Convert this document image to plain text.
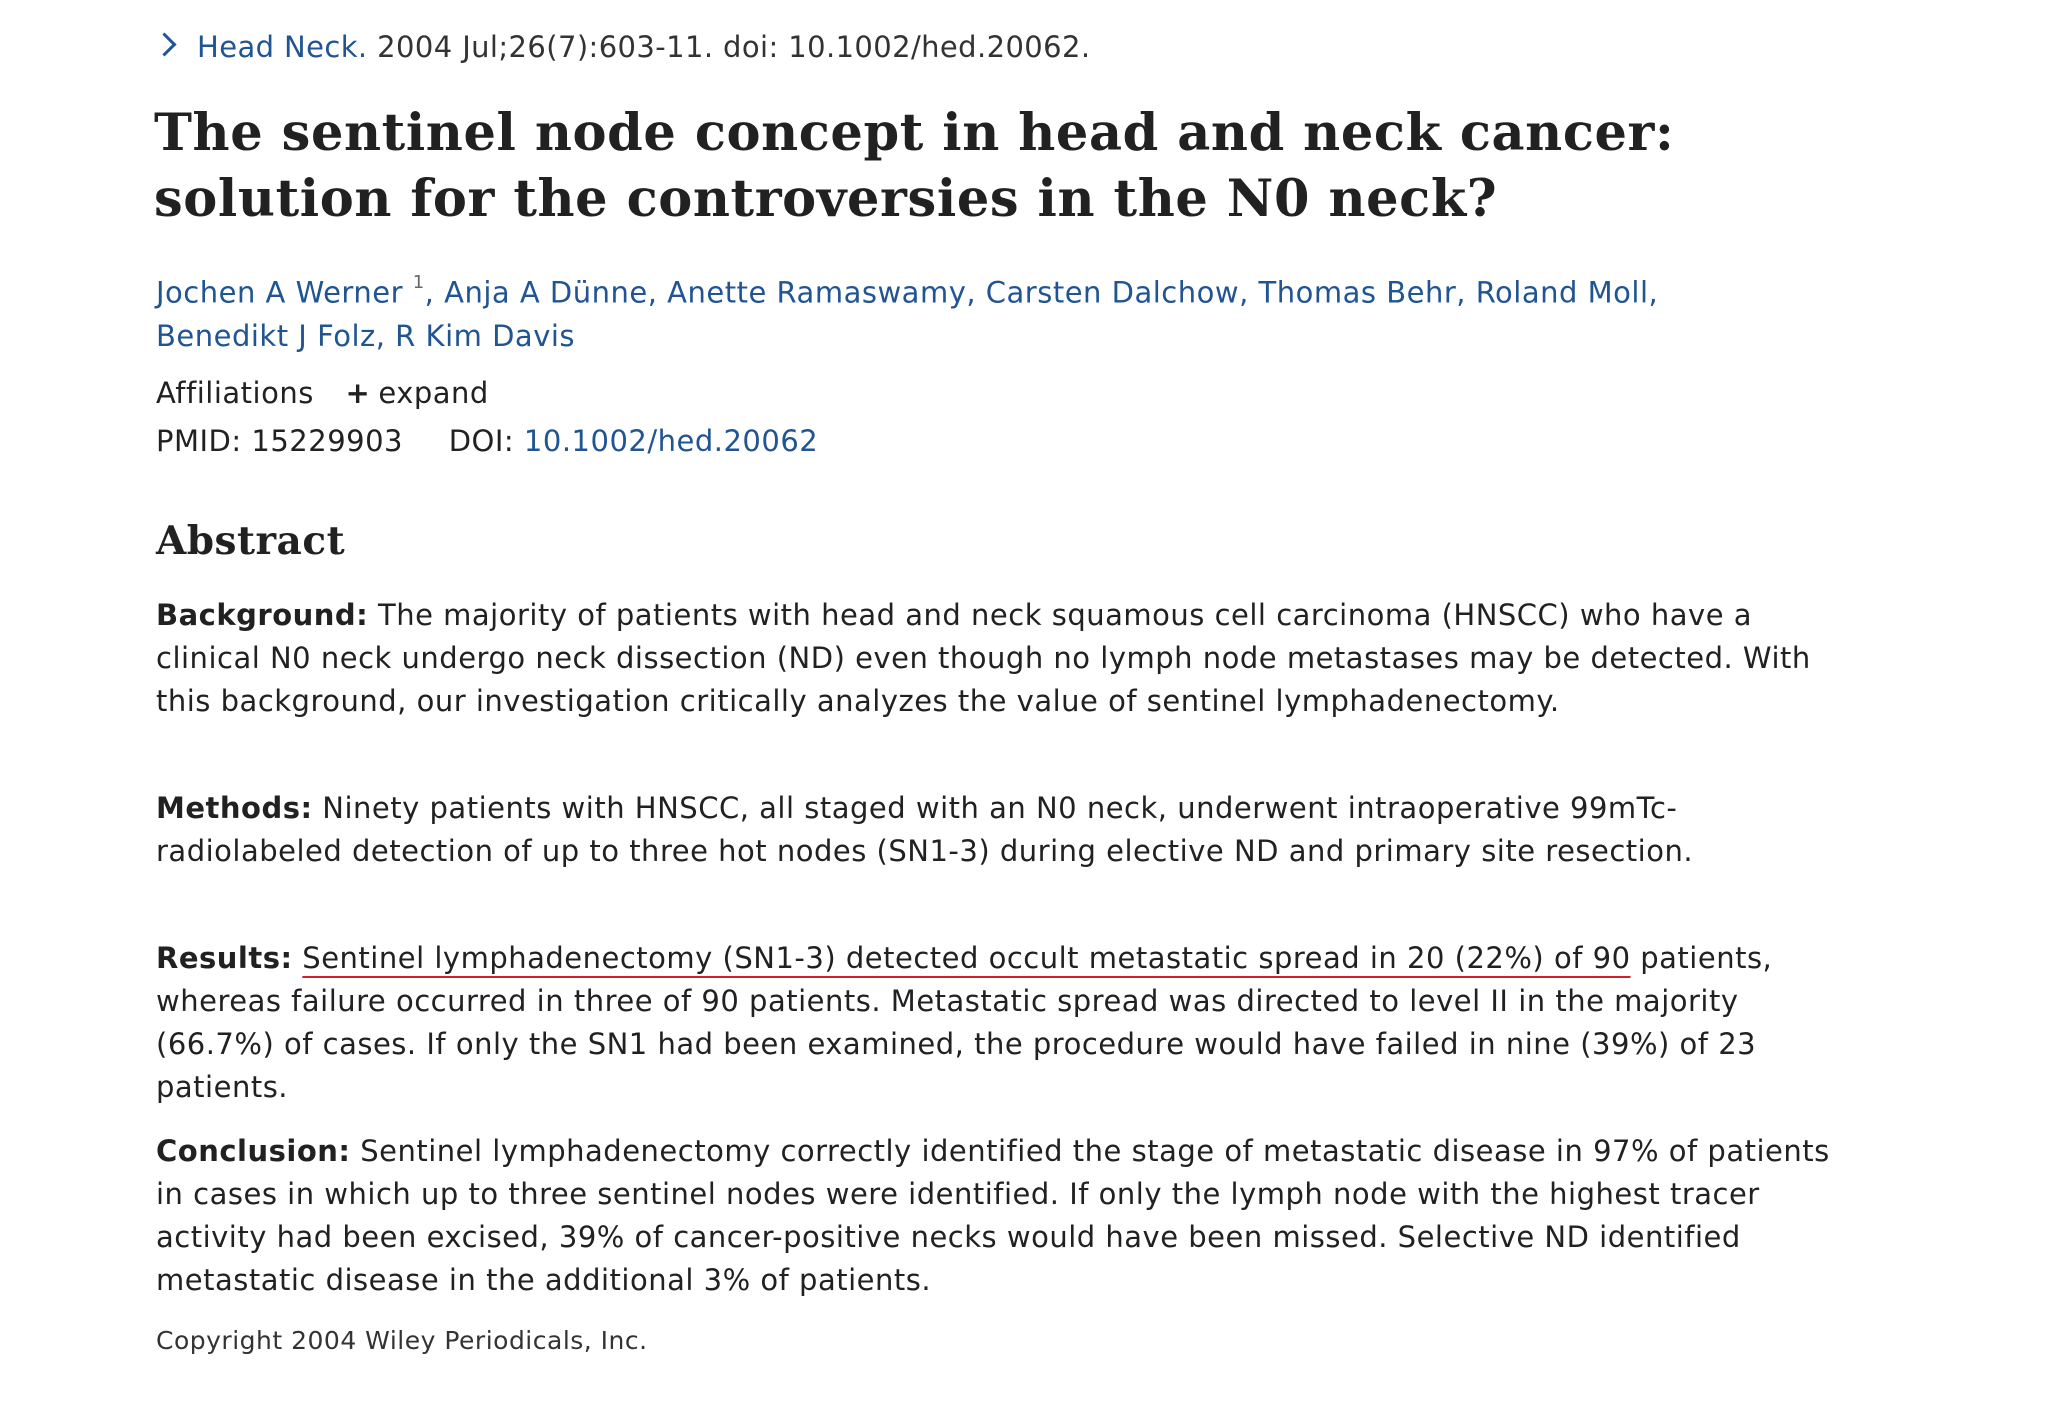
Head Neck. 2004 Jul;26(7):603-11. doi: 10.1002/hed.20062.
The sentinel node concept in head and neck cancer:
solution for the controversies in the N0 neck?
Jochen A Werner $^1$, Anja A Dünne, Anette Ramaswamy, Carsten Dalchow, Thomas Behr, Roland Moll,
Benedikt J Folz, R Kim Davis
Affiliations + expand
PMID: 15229903 DOI: 10.1002/hed.20062
Abstract

Background: The majority of patients with head and neck squamous cell carcinoma (HNSCC) who have a clinical N0 neck undergo neck dissection (ND) even though no lymph node metastases may be detected. With this background, our investigation critically analyzes the value of sentinel lymphadenectomy.

Methods: Ninety patients with HNSCC, all staged with an N0 neck, underwent intraoperative 99mTc-radiolabeled detection of up to three hot nodes (SN1-3) during elective ND and primary site resection.

Results: Sentinel lymphadenectomy (SN1-3) detected occult metastatic spread in 20 (22%) of 90 patients, whereas failure occurred in three of 90 patients. Metastatic spread was directed to level II in the majority (66.7%) of cases. If only the SN1 had been examined, the procedure would have failed in nine (39%) of 23 patients.

Conclusion: Sentinel lymphadenectomy correctly identified the stage of metastatic disease in 97% of patients in cases in which up to three sentinel nodes were identified. If only the lymph node with the highest tracer activity had been excised, 39% of cancer-positive necks would have been missed. Selective ND identified metastatic disease in the additional 3% of patients.

Copyright 2004 Wiley Periodicals, Inc.
